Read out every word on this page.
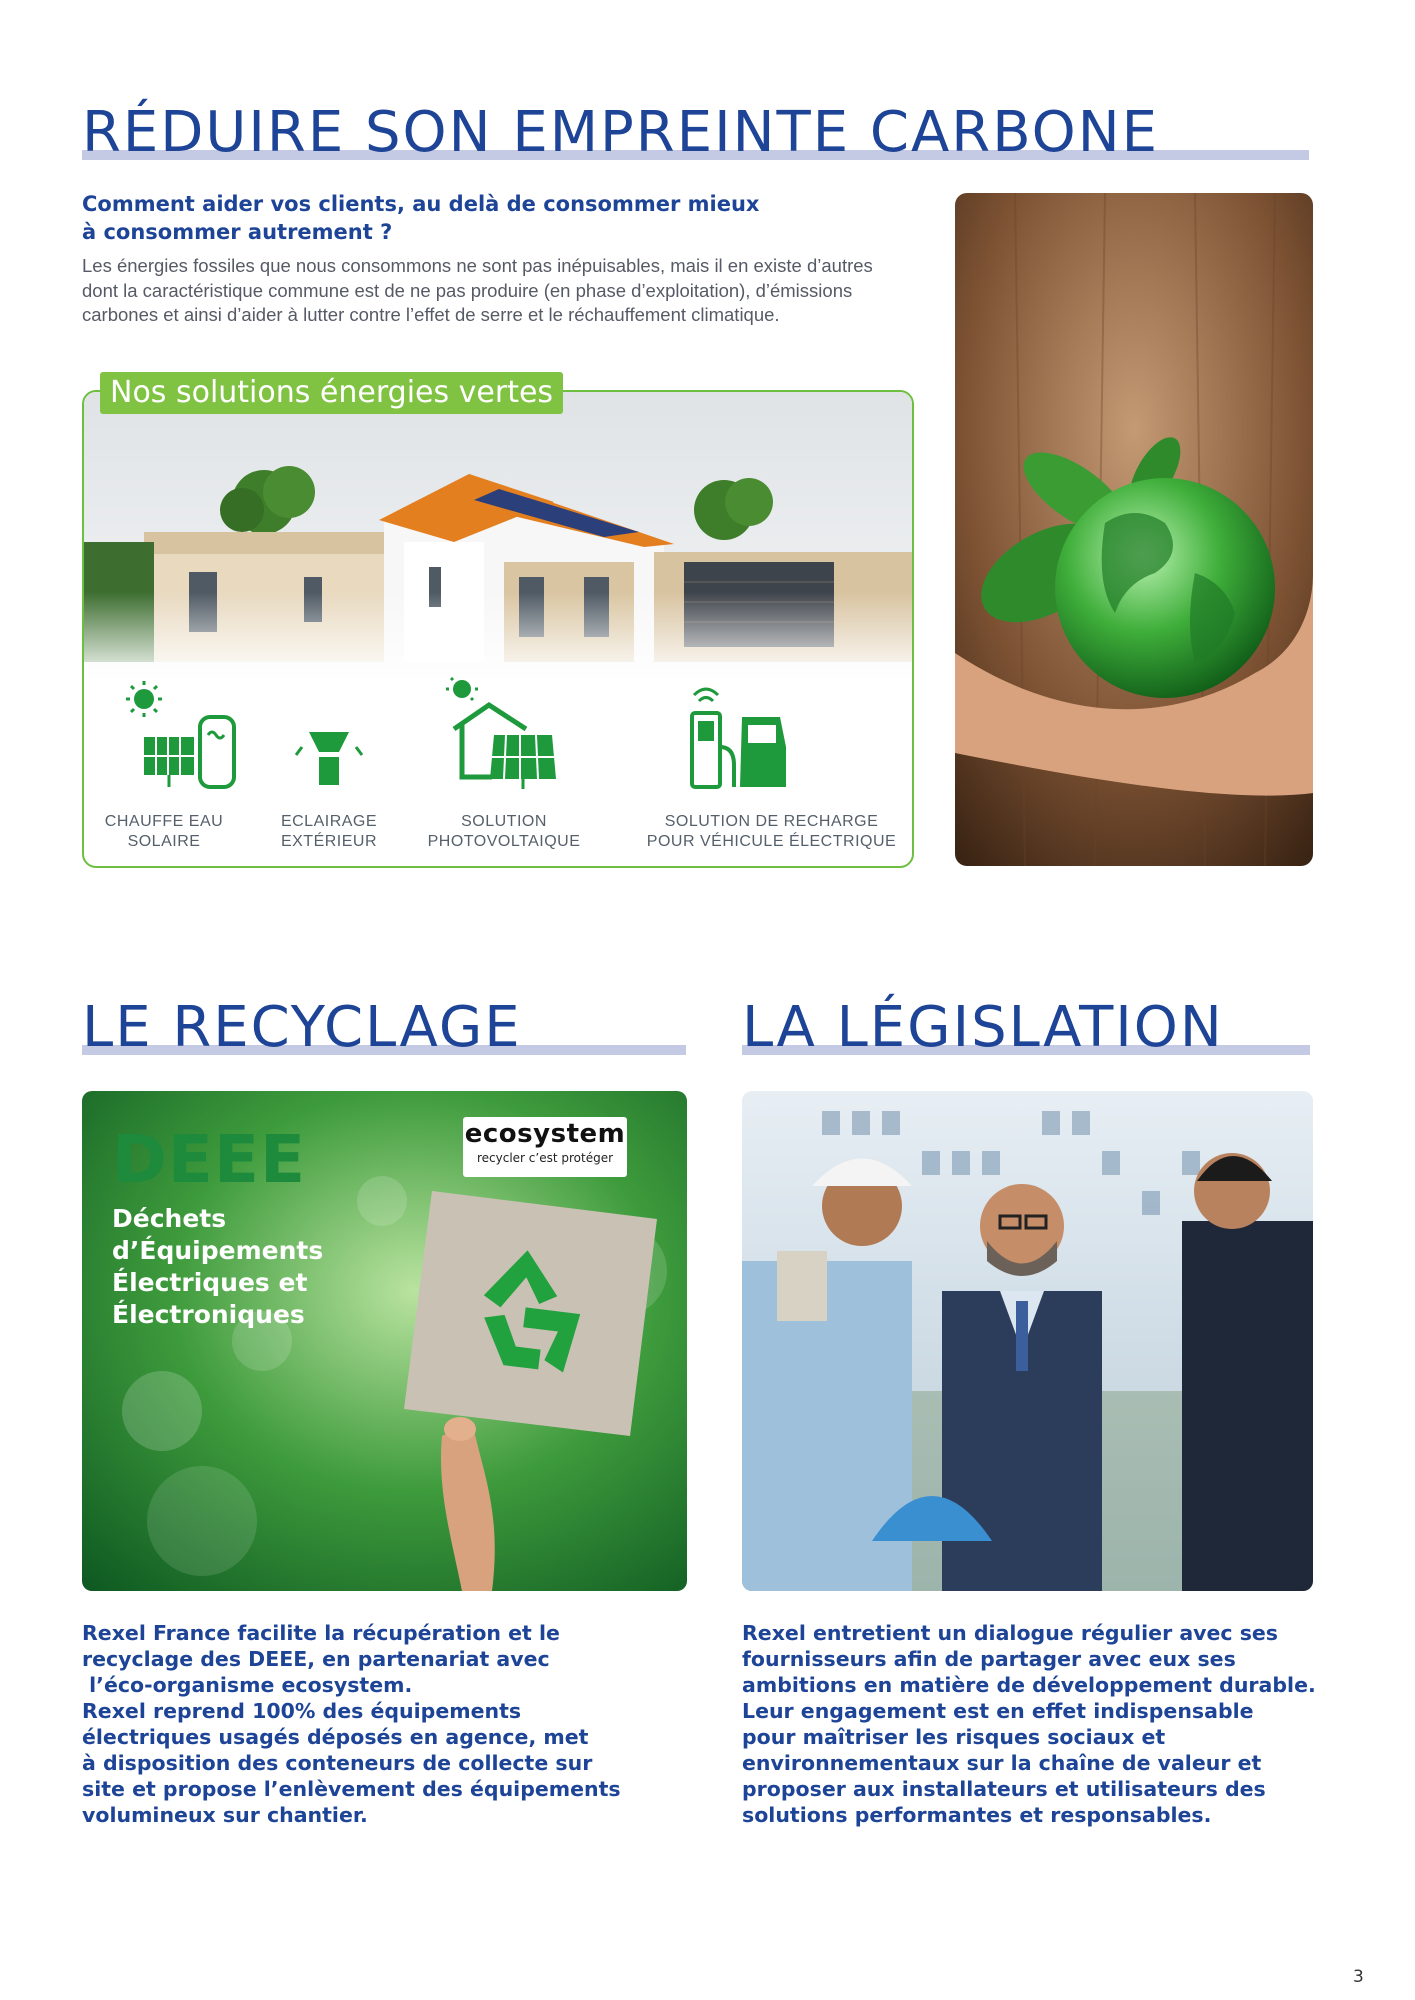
RÉDUIRE SON EMPREINTE CARBONE
Comment aider vos clients, au delà de consommer mieux
à consommer autrement ?
Les énergies fossiles que nous consommons ne sont pas inépuisables, mais il en existe d’autres
dont la caractéristique commune est de ne pas produire (en phase d’exploitation), d’émissions
carbones et ainsi d’aider à lutter contre l’effet de serre et le réchauffement climatique.
Nos solutions énergies vertes
CHAUFFE EAU
SOLAIRE
ECLAIRAGE
EXTÉRIEUR
SOLUTION
PHOTOVOLTAIQUE
SOLUTION DE RECHARGE
POUR VÉHICULE ÉLECTRIQUE
LE RECYCLAGE	LA LÉGISLATION
DEEE
Déchets
d’Équipements
Électriques et
Électroniques
ecosystem
recycler c’est protéger
Rexel France facilite la récupération et le
recyclage des DEEE, en partenariat avec
l’éco-organisme ecosystem.
Rexel reprend 100% des équipements
électriques usagés déposés en agence, met
à disposition des conteneurs de collecte sur
site et propose l’enlèvement des équipements
volumineux sur chantier.
Rexel entretient un dialogue régulier avec ses
fournisseurs afin de partager avec eux ses
ambitions en matière de développement durable.
Leur engagement est en effet indispensable
pour maîtriser les risques sociaux et
environnementaux sur la chaîne de valeur et
proposer aux installateurs et utilisateurs des
solutions performantes et responsables.
3
